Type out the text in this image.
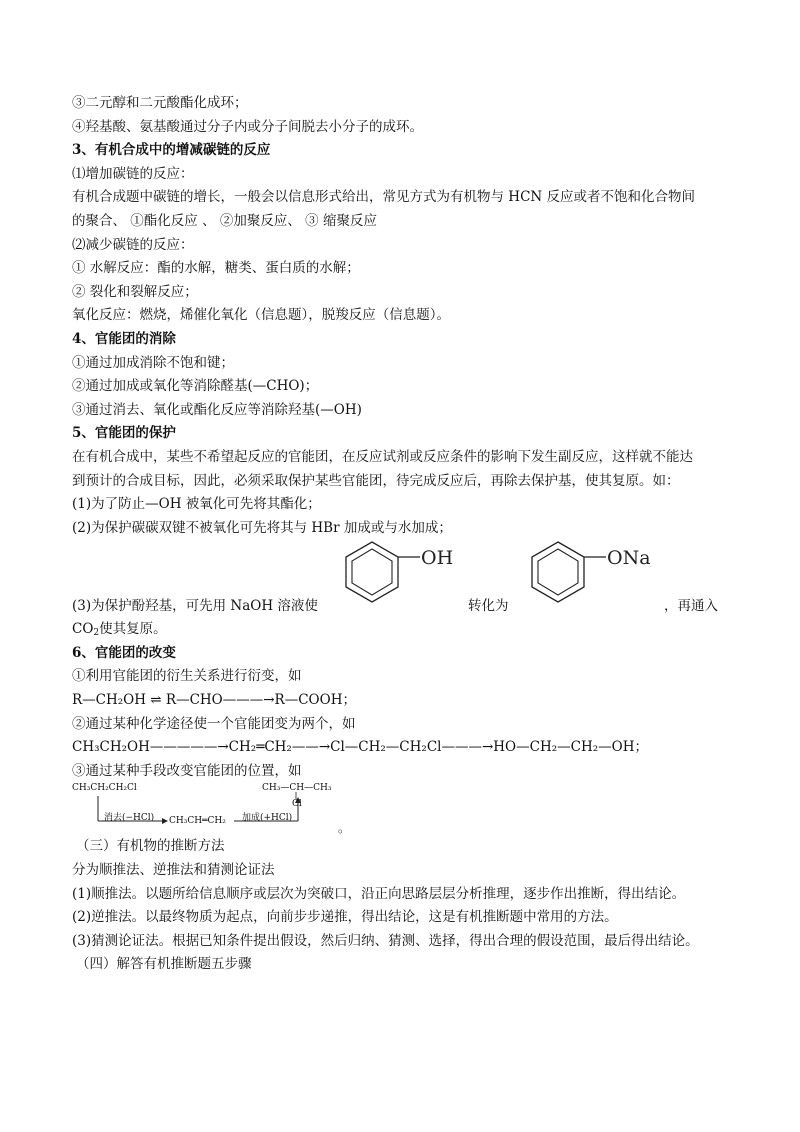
③二元醇和二元酸酯化成环；
④羟基酸、氨基酸通过分子内或分子间脱去小分子的成环。
3、有机合成中的增减碳链的反应
⑴增加碳链的反应：
有机合成题中碳链的增长，一般会以信息形式给出，常见方式为有机物与 HCN 反应或者不饱和化合物间
的聚合、 ①酯化反应 、 ②加聚反应、 ③ 缩聚反应
⑵减少碳链的反应：
① 水解反应：酯的水解，糖类、蛋白质的水解；
② 裂化和裂解反应；
氧化反应：燃烧，烯催化氧化（信息题），脱羧反应（信息题）。
4、官能团的消除
①通过加成消除不饱和键；
②通过加成或氧化等消除醛基(—CHO)；
③通过消去、氧化或酯化反应等消除羟基(—OH)
5、官能团的保护
在有机合成中，某些不希望起反应的官能团，在反应试剂或反应条件的影响下发生副反应，这样就不能达
到预计的合成目标，因此，必须采取保护某些官能团，待完成反应后，再除去保护基，使其复原。如：
(1)为了防止—OH 被氧化可先将其酯化；
(2)为保护碳碳双键不被氧化可先将其与 HBr 加成或与水加成；
(3)为保护酚羟基，可先用 NaOH 溶液使
OH
转化为
ONa
，再通入
$CO_2$使其复原。
6、官能团的改变
①利用官能团的衍生关系进行衍变，如
R—CH₂OH ⇌ R—CHO———→R—COOH；
②通过某种化学途径使一个官能团变为两个，如
CH₃CH₂OH—————→CH₂═CH₂——→Cl—CH₂—CH₂Cl———→HO—CH₂—CH₂—OH；
③通过某种手段改变官能团的位置，如
CH₃CH₂CH₂Cl
消去(−HCl) CH₃CH═CH₂ 加成(+HCl)
CH₃—CH—CH₃
Cl
。
（三）有机物的推断方法
分为顺推法、逆推法和猜测论证法
(1)顺推法。以题所给信息顺序或层次为突破口，沿正向思路层层分析推理，逐步作出推断，得出结论。
(2)逆推法。以最终物质为起点，向前步步递推，得出结论，这是有机推断题中常用的方法。
(3)猜测论证法。根据已知条件提出假设，然后归纳、猜测、选择，得出合理的假设范围，最后得出结论。
（四）解答有机推断题五步骤
